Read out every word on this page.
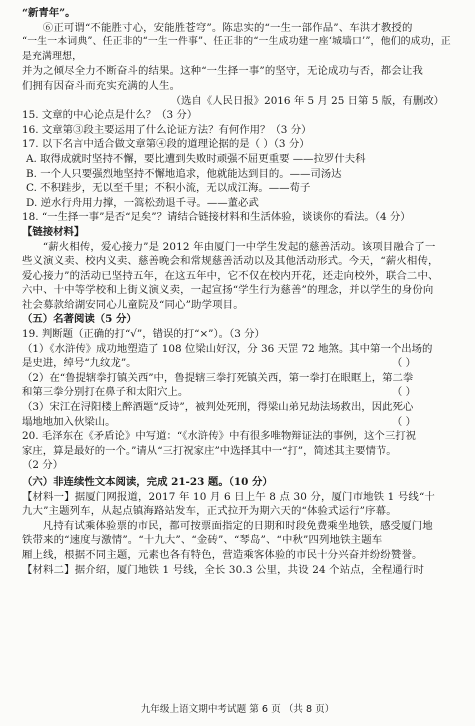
“新青年”。

⑥正可谓“不能胜寸心，安能胜苍穹”。陈忠实的“一生一部作品”、车洪才教授的

“一生一本词典”、任正非的“一生一件事”、任正非的“一生成功建一座‘城墙口’”，他们的成功，正是充满理想，

并为之倾尽全力不断奋斗的结果。这种“一生择一事”的坚守，无论成功与否，都会让我

们拥有因奋斗而充实充满的人生。

（选自《人民日报》2016 年 5 月 25 日第 5 版，有删改）

15. 文章的中心论点是什么？（3 分）

16. 文章第③段主要运用了什么论证方法？有何作用？（3 分）

17. 以下名言中适合做文章第④段的道理论据的是（ ）（3 分）

A. 取得成就时坚持不懈，要比遭到失败时顽强不屈更重要 ——拉罗什夫科

B. 一个人只要强烈地坚持不懈地追求，他就能达到目的。——司汤达

C. 不积跬步，无以至千里；不积小流，无以成江海。——荀子

D. 逆水行舟用力撑，一篙松劲退千寻。——董必武

18. “一生择一事”是否“足矣”？请结合链接材料和生活体验，谈谈你的看法。（4 分）

【链接材料】

“薪火相传，爱心接力”是 2012 年由厦门一中学生发起的慈善活动。该项目融合了一

些义演义卖、校内义卖、慈善晚会和常规慈善活动以及其他活动形式。今天，“薪火相传，

爱心接力”的活动已坚持五年，在这五年中，它不仅在校内开花，还走向校外，联合二中、

六中、十中等学校和上街义演义卖，一起宣扬“学生行为慈善”的理念，并以学生的身份向

社会募款给湖安同心儿童院及“同心”助学项目。

（五）名著阅读（5 分）

19. 判断题（正确的打“√”，错误的打“×”）。（3 分）

（1）《水浒传》成功地塑造了 108 位梁山好汉，分 36 天罡 72 地煞。其中第一个出场的

是史进，绰号“九纹龙”。	（ ）

（2）在“鲁提辖拳打镇关西”中，鲁提辖三拳打死镇关西，第一拳打在眼眶上，第二拳

和第三拳分别打在鼻子和太阳穴上。	（ ）

（3）宋江在浔阳楼上醉酒题“反诗”，被判处死刑，得梁山弟兄劫法场救出，因此死心

塌地地加入伙梁山。	（ ）

20. 毛泽东在《矛盾论》中写道：“《水浒传》中有很多唯物辩证法的事例，这个三打祝

家庄，算是最好的一个。”请从“三打祝家庄”中选择其中一“打”，简述其主要情节。

（2 分）

（六）非连续性文本阅读，完成 21-23 题。（10 分）

【材料一】据厦门网报道，2017 年 10 月 6 日上午 8 点 30 分，厦门市地铁 1 号线“十

九大”主题列车，从起点镇海路站发车，正式拉开为期六天的“体验式运行”序幕。

凡持有试乘体验票的市民，都可按票面指定的日期和时段免费乘坐地铁，感受厦门地

铁带来的“速度与激情”。“十九大”、“金砖”、“琴岛”、“中秋”四列地铁主题车

厢上线，根据不同主题，元素也各有特色，营造乘客体验的市民十分兴奋并纷纷赞誉。

【材料二】据介绍，厦门地铁 1 号线，全长 30.3 公里，共设 24 个站点，全程通行时

九年级上语文期中考试题 第 6 页 （共 8 页）
